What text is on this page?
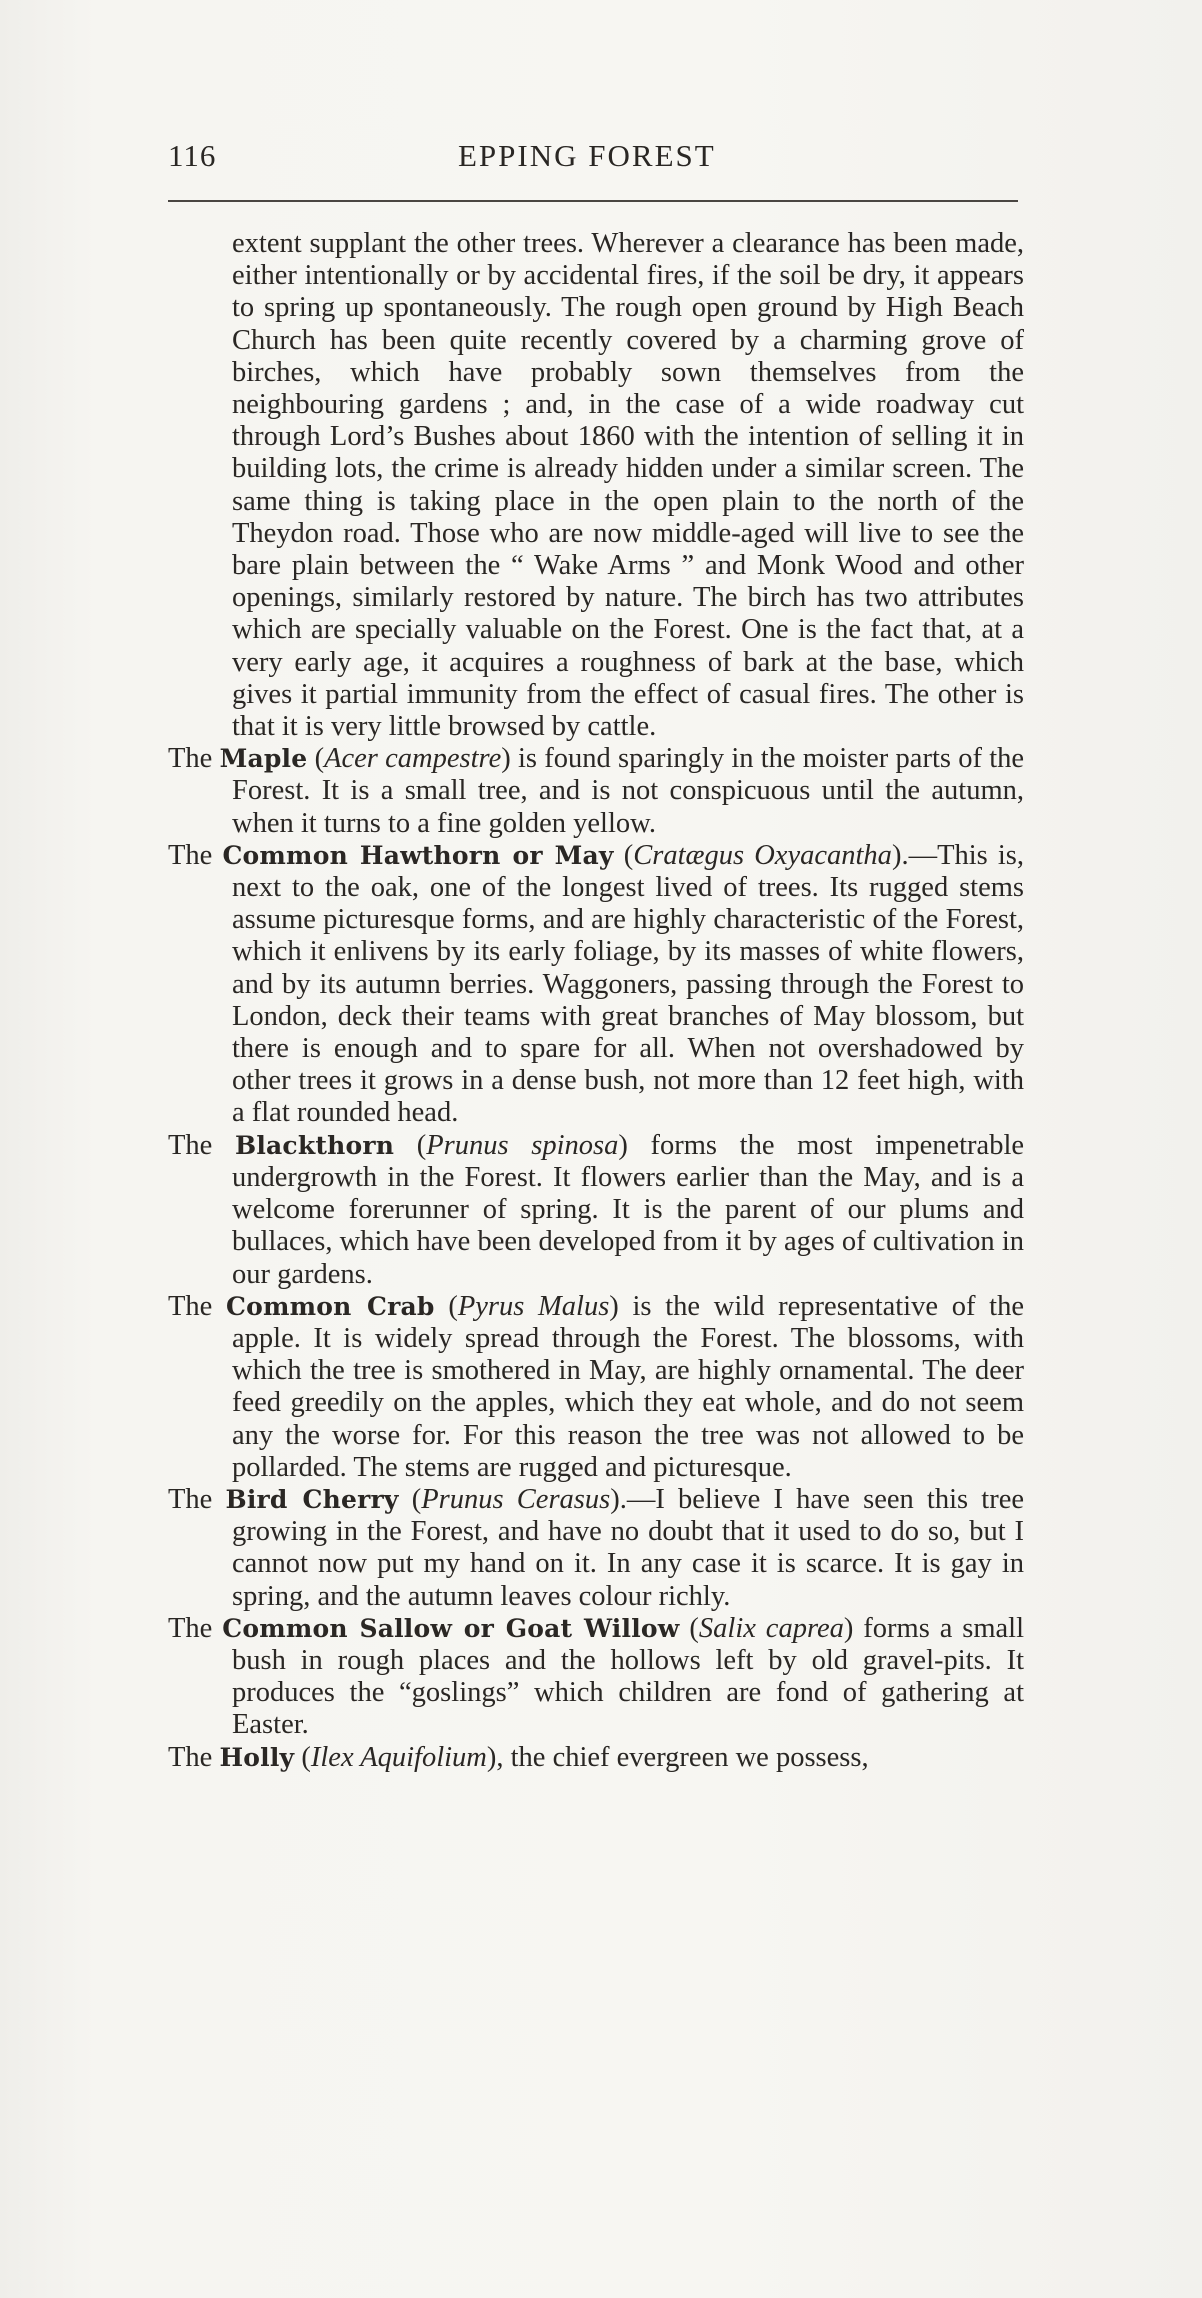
116	EPPING FOREST

extent supplant the other trees. Wherever a clearance has been made, either intentionally or by accidental fires, if the soil be dry, it appears to spring up spontaneously. The rough open ground by High Beach Church has been quite recently covered by a charming grove of birches, which have probably sown themselves from the neighbouring gardens ; and, in the case of a wide roadway cut through Lord’s Bushes about 1860 with the intention of selling it in building lots, the crime is already hidden under a similar screen. The same thing is taking place in the open plain to the north of the Theydon road. Those who are now middle-aged will live to see the bare plain between the “ Wake Arms ” and Monk Wood and other openings, similarly restored by nature. The birch has two attributes which are specially valuable on the Forest. One is the fact that, at a very early age, it acquires a roughness of bark at the base, which gives it partial immunity from the effect of casual fires. The other is that it is very little browsed by cattle.

The Maple (Acer campestre) is found sparingly in the moister parts of the Forest. It is a small tree, and is not conspicuous until the autumn, when it turns to a fine golden yellow.

The Common Hawthorn or May (Cratægus Oxyacantha).—This is, next to the oak, one of the longest lived of trees. Its rugged stems assume picturesque forms, and are highly characteristic of the Forest, which it enlivens by its early foliage, by its masses of white flowers, and by its autumn berries. Waggoners, passing through the Forest to London, deck their teams with great branches of May blossom, but there is enough and to spare for all. When not overshadowed by other trees it grows in a dense bush, not more than 12 feet high, with a flat rounded head.

The Blackthorn (Prunus spinosa) forms the most impenetrable undergrowth in the Forest. It flowers earlier than the May, and is a welcome forerunner of spring. It is the parent of our plums and bullaces, which have been developed from it by ages of cultivation in our gardens.

The Common Crab (Pyrus Malus) is the wild representative of the apple. It is widely spread through the Forest. The blossoms, with which the tree is smothered in May, are highly ornamental. The deer feed greedily on the apples, which they eat whole, and do not seem any the worse for. For this reason the tree was not allowed to be pollarded. The stems are rugged and picturesque.

The Bird Cherry (Prunus Cerasus).—I believe I have seen this tree growing in the Forest, and have no doubt that it used to do so, but I cannot now put my hand on it. In any case it is scarce. It is gay in spring, and the autumn leaves colour richly.

The Common Sallow or Goat Willow (Salix caprea) forms a small bush in rough places and the hollows left by old gravel-pits. It produces the “goslings” which children are fond of gathering at Easter.

The Holly (Ilex Aquifolium), the chief evergreen we possess,
